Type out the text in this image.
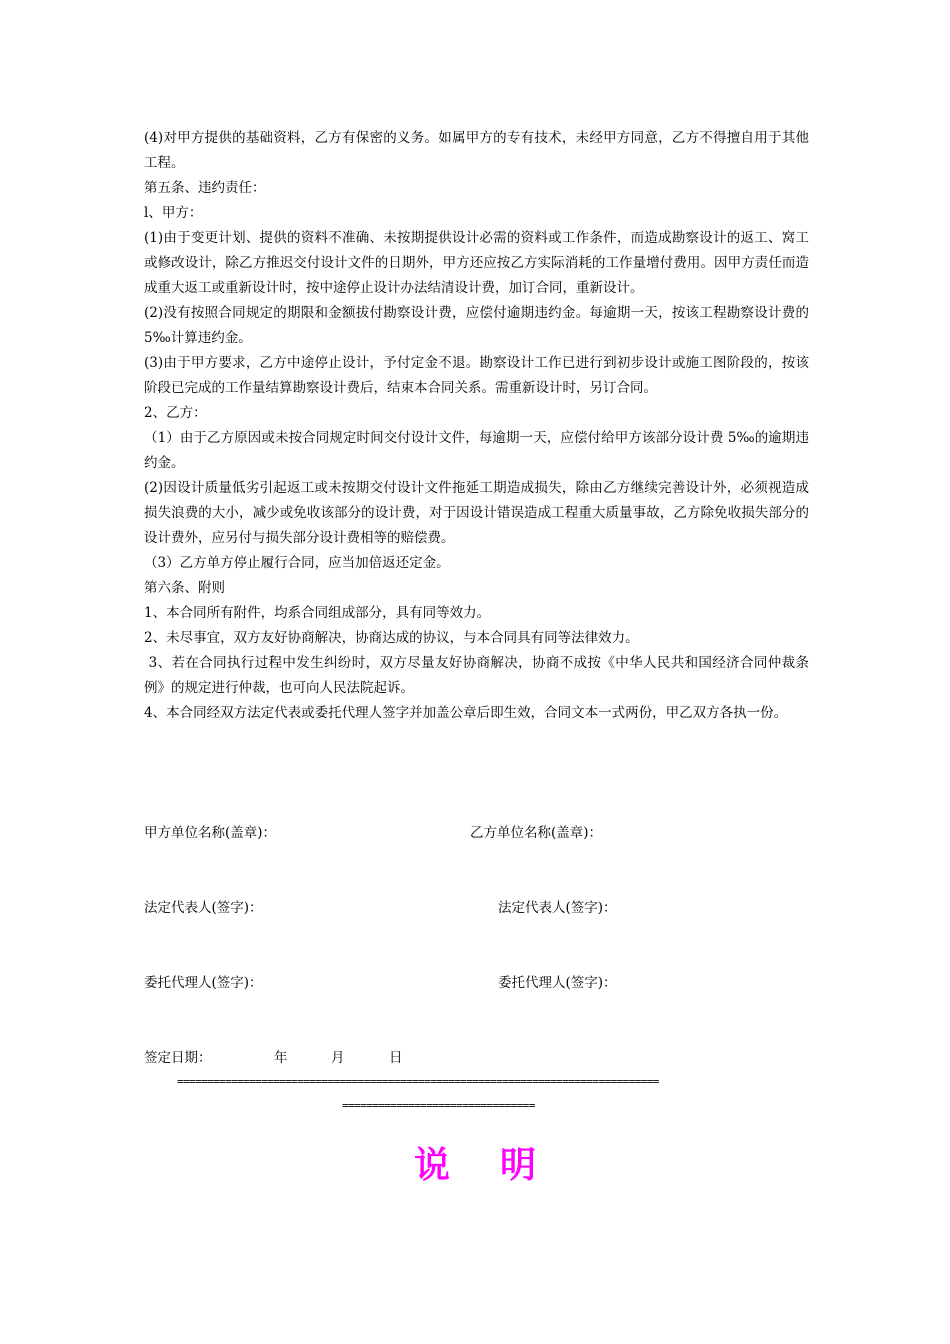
(4)对甲方提供的基础资料，乙方有保密的义务。如属甲方的专有技术，未经甲方同意，乙方不得擅自用于其他工程。

第五条、违约责任：

l、甲方：

(1)由于变更计划、提供的资料不准确、未按期提供设计必需的资料或工作条件，而造成勘察设计的返工、窝工或修改设计，除乙方推迟交付设计文件的日期外，甲方还应按乙方实际消耗的工作量增付费用。因甲方责任而造成重大返工或重新设计时，按中途停止设计办法结清设计费，加订合同，重新设计。

(2)没有按照合同规定的期限和金额拔付勘察设计费，应偿付逾期违约金。每逾期一天，按该工程勘察设计费的5‰计算违约金。

(3)由于甲方要求，乙方中途停止设计，予付定金不退。勘察设计工作已进行到初步设计或施工图阶段的，按该阶段已完成的工作量结算勘察设计费后，结束本合同关系。需重新设计时，另订合同。

2、乙方：

（1）由于乙方原因或未按合同规定时间交付设计文件，每逾期一天，应偿付给甲方该部分设计费 5‰的逾期违约金。

(2)因设计质量低劣引起返工或未按期交付设计文件拖延工期造成损失，除由乙方继续完善设计外，必须视造成损失浪费的大小，减少或免收该部分的设计费，对于因设计错误造成工程重大质量事故，乙方除免收损失部分的设计费外，应另付与损失部分设计费相等的赔偿费。

（3）乙方单方停止履行合同，应当加倍返还定金。

第六条、附则

1、本合同所有附件，均系合同组成部分，具有同等效力。

2、未尽事宜，双方友好协商解决，协商达成的协议，与本合同具有同等法律效力。

3、若在合同执行过程中发生纠纷时，双方尽量友好协商解决，协商不成按《中华人民共和国经济合同仲裁条例》的规定进行仲裁，也可向人民法院起诉。

4、本合同经双方法定代表或委托代理人签字并加盖公章后即生效，合同文本一式两份，甲乙双方各执一份。

甲方单位名称(盖章)：	乙方单位名称(盖章)：
法定代表人(签字)：	法定代表人(签字)：
委托代理人(签字)：	委托代理人(签字)：
签定日期：	年	月	日
================================================================================
================================
说明
